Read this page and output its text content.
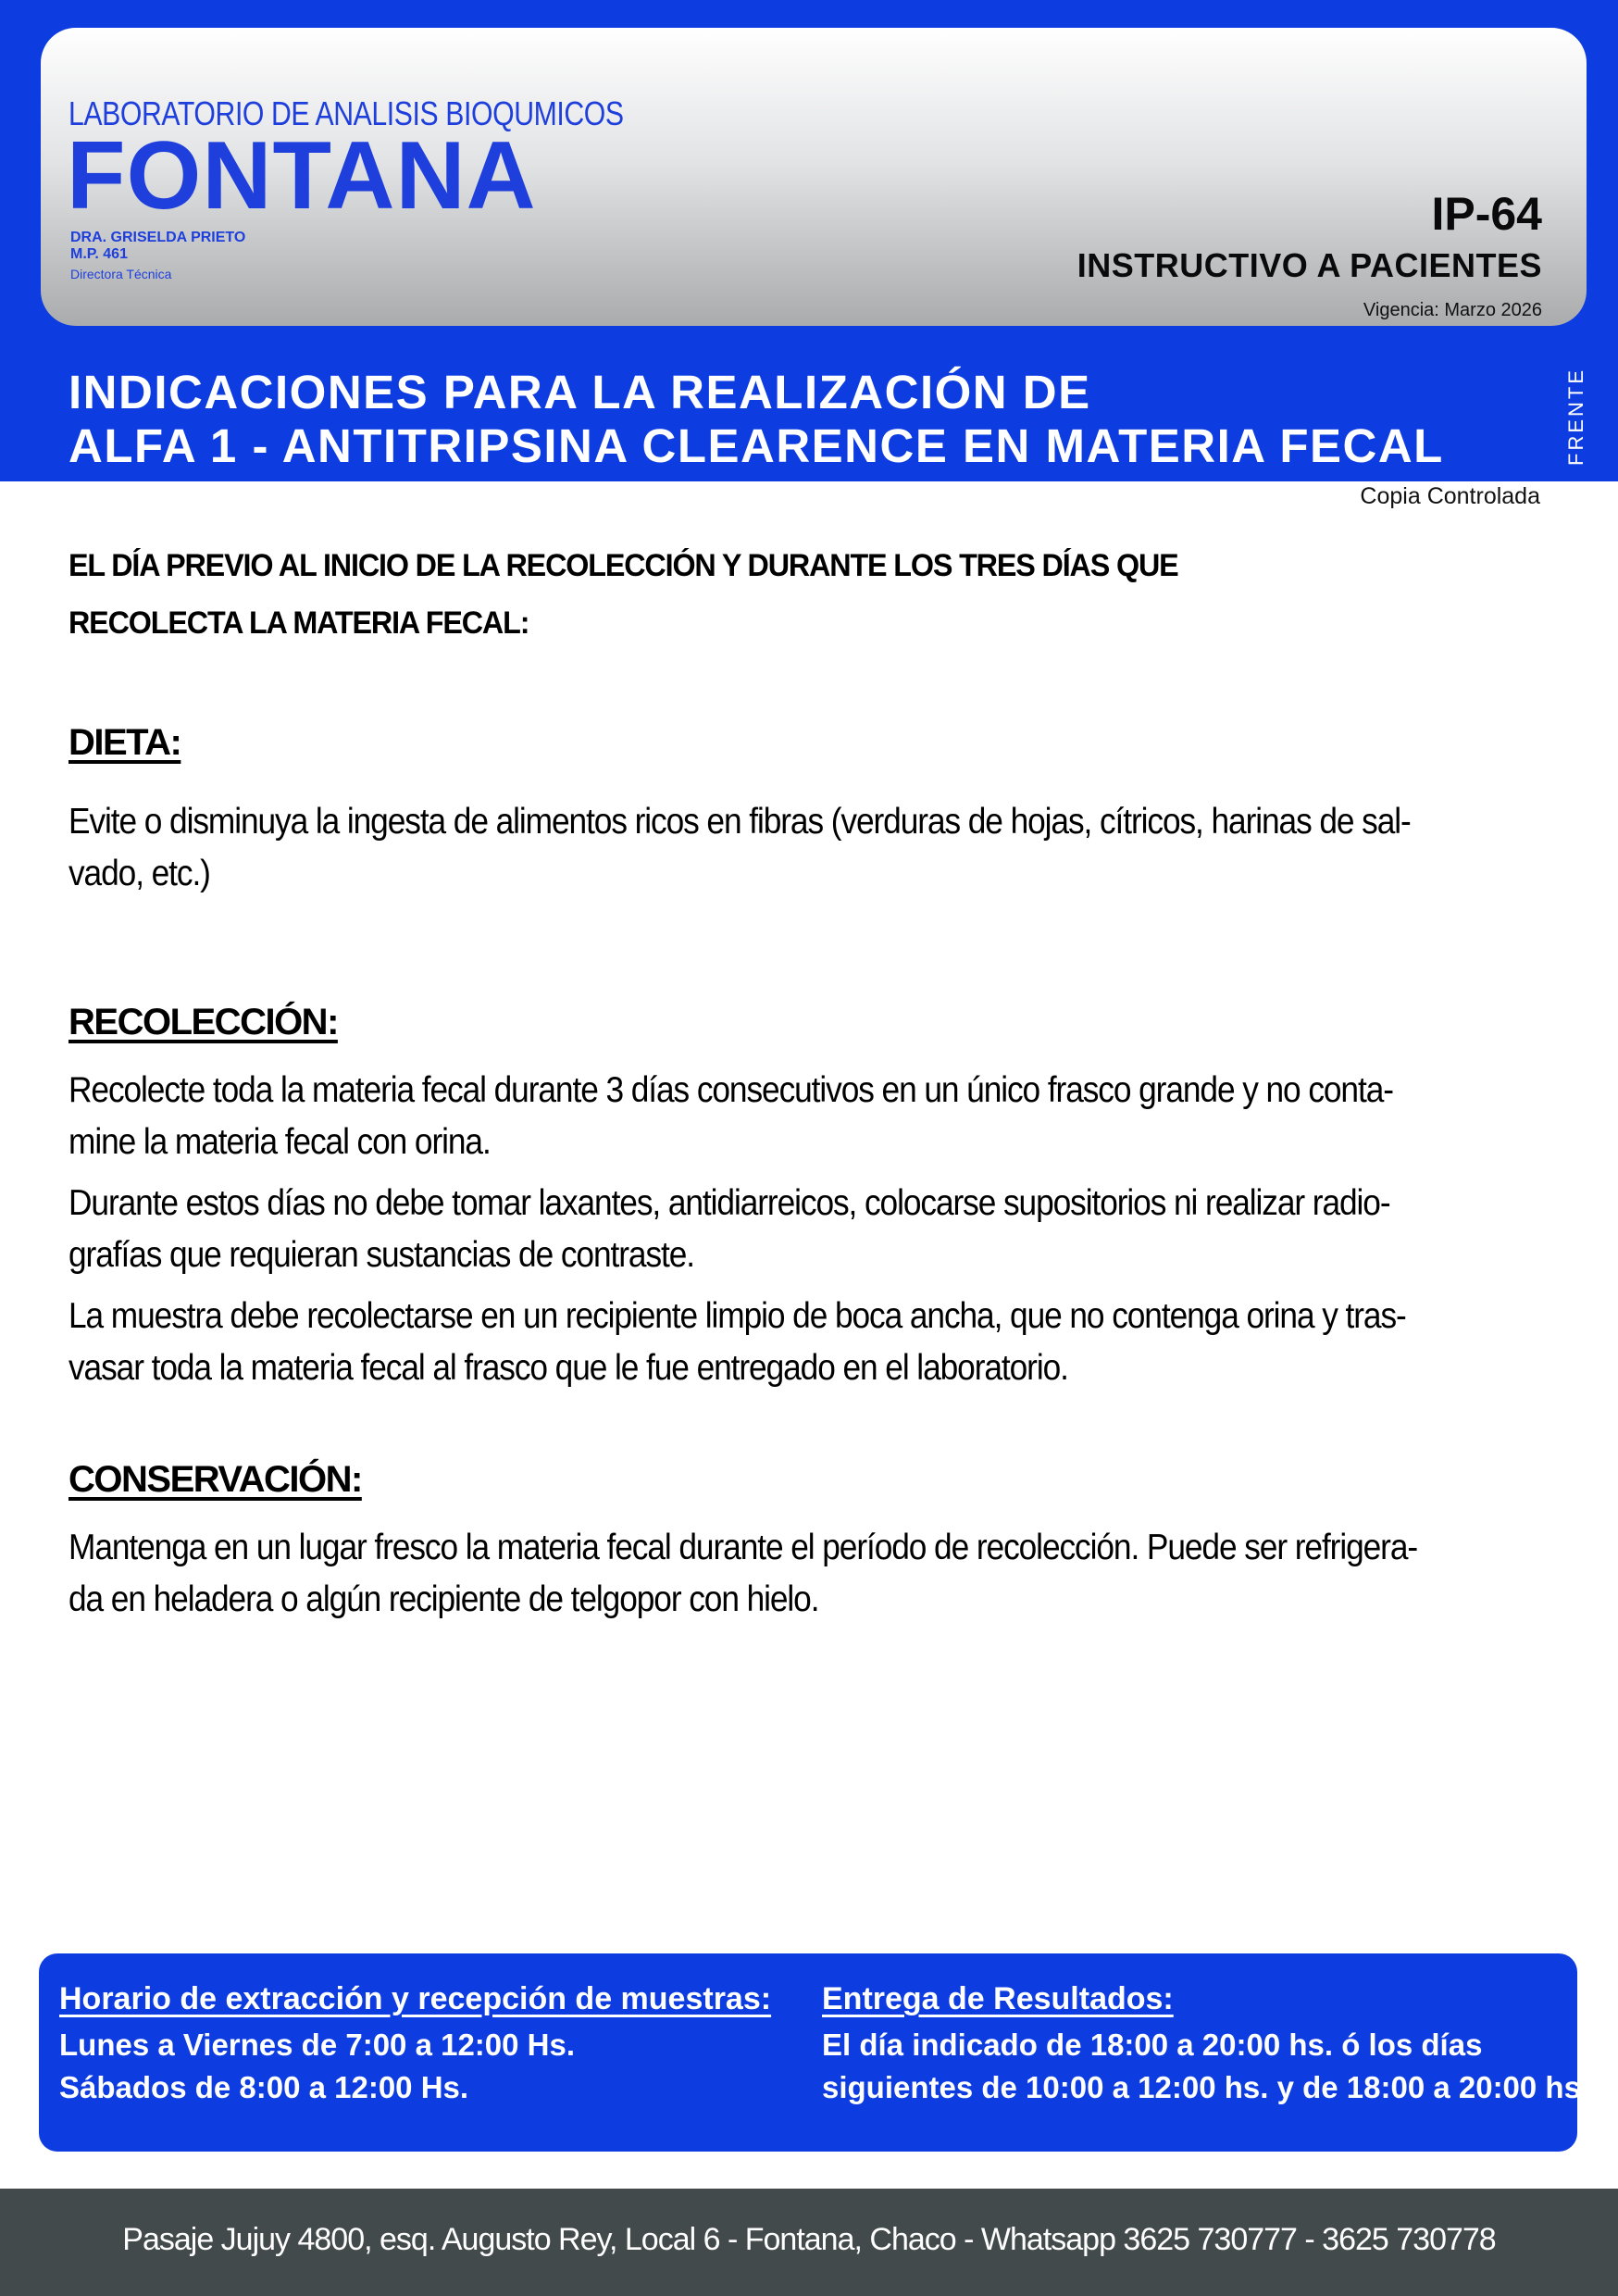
LABORATORIO DE ANALISIS BIOQUMICOS
FONTANA
DRA. GRISELDA PRIETO
M.P. 461
Directora Técnica
IP-64
INSTRUCTIVO A PACIENTES
Vigencia: Marzo 2026
INDICACIONES PARA LA REALIZACIÓN DE
ALFA 1 - ANTITRIPSINA CLEARENCE EN MATERIA FECAL	FRENTE
Copia Controlada
EL DÍA PREVIO AL INICIO DE LA RECOLECCIÓN Y DURANTE LOS TRES DÍAS QUE
RECOLECTA LA MATERIA FECAL:
DIETA:

Evite o disminuya la ingesta de alimentos ricos en fibras (verduras de hojas, cítricos, harinas de sal-
vado, etc.)

RECOLECCIÓN:

Recolecte toda la materia fecal durante 3 días consecutivos en un único frasco grande y no conta-
mine la materia fecal con orina.

Durante estos días no debe tomar laxantes, antidiarreicos, colocarse supositorios ni realizar radio-
grafías que requieran sustancias de contraste.

La muestra debe recolectarse en un recipiente limpio de boca ancha, que no contenga orina y tras-
vasar toda la materia fecal al frasco que le fue entregado en el laboratorio.

CONSERVACIÓN:

Mantenga en un lugar fresco la materia fecal durante el período de recolección. Puede ser refrigera-
da en heladera o algún recipiente de telgopor con hielo.

Horario de extracción y recepción de muestras:
Lunes a Viernes de 7:00 a 12:00 Hs.
Sábados de 8:00 a 12:00 Hs.
Entrega de Resultados:
El día indicado de 18:00 a 20:00 hs. ó los días
siguientes de 10:00 a 12:00 hs. y de 18:00 a 20:00 hs.
Pasaje Jujuy 4800, esq. Augusto Rey, Local 6 - Fontana, Chaco - Whatsapp 3625 730777 - 3625 730778
